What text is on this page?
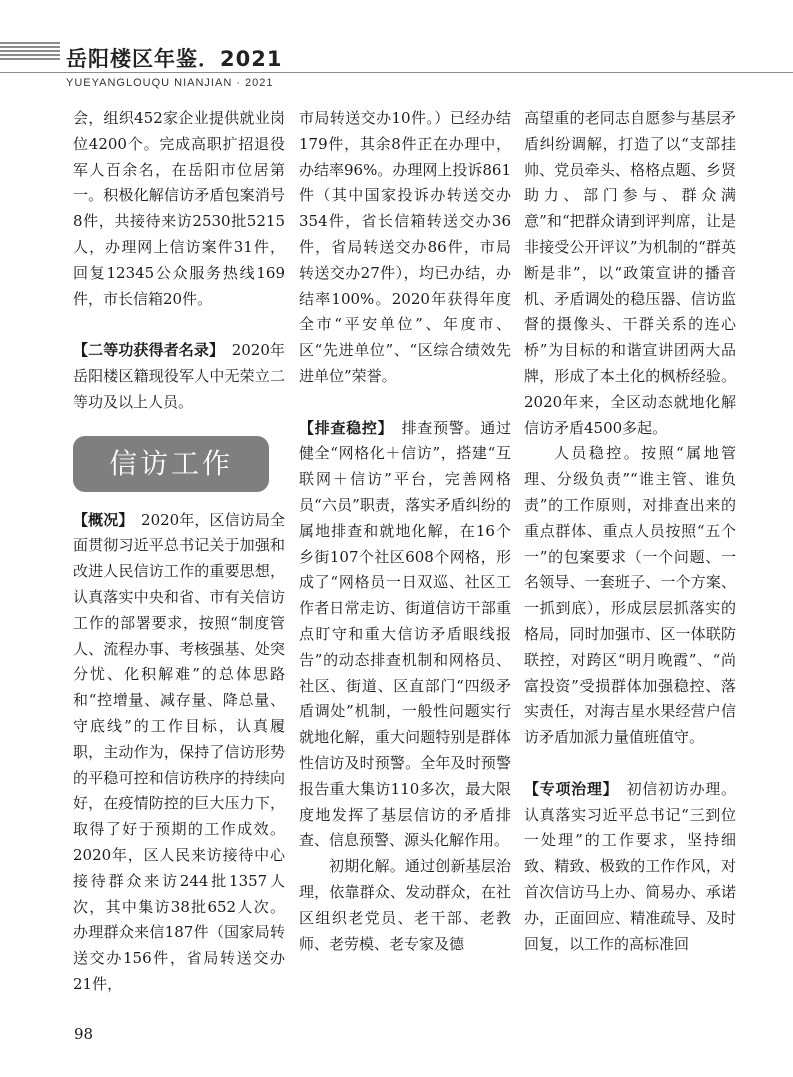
岳阳楼区年鉴．2021
YUEYANGLOUQU NIANJIAN · 2021

会，组织452家企业提供就业岗位4200个。完成高职扩招退役军人百余名，在岳阳市位居第一。积极化解信访矛盾包案消号8件，共接待来访2530批5215人，办理网上信访案件31件，回复12345公众服务热线169件，市长信箱20件。

【二等功获得者名录】　 2020年岳阳楼区籍现役军人中无荣立二等功及以上人员。

信访工作

【概况】　 2020年，区信访局全面贯彻习近平总书记关于加强和改进人民信访工作的重要思想，认真落实中央和省、市有关信访工作的部署要求，按照“制度管人、流程办事、考核强基、处突分忧、化积解难”的总体思路和“控增量、减存量、降总量、守底线”的工作目标，认真履职，主动作为，保持了信访形势的平稳可控和信访秩序的持续向好，在疫情防控的巨大压力下，取得了好于预期的工作成效。2020年，区人民来访接待中心接待群众来访244批1357人次，其中集访38批652人次。办理群众来信187件（国家局转送交办156件，省局转送交办21件，

市局转送交办10件。）已经办结179件，其余8件正在办理中，办结率96%。办理网上投诉861件（其中国家投诉办转送交办354件，省长信箱转送交办36件，省局转送交办86件，市局转送交办27件），均已办结，办结率100%。2020年获得年度全市“平安单位”、年度市、区“先进单位”、“区综合绩效先进单位”荣誉。

【排查稳控】　 排查预警。通过健全“网格化＋信访”，搭建“互联网＋信访”平台，完善网格员“六员”职责，落实矛盾纠纷的属地排查和就地化解，在16个乡街107个社区608个网格，形成了“网格员一日双巡、社区工作者日常走访、街道信访干部重点盯守和重大信访矛盾眼线报告”的动态排查机制和网格员、社区、街道、区直部门“四级矛盾调处”机制，一般性问题实行就地化解，重大问题特别是群体性信访及时预警。全年及时预警报告重大集访110多次，最大限度地发挥了基层信访的矛盾排查、信息预警、源头化解作用。

初期化解。通过创新基层治理，依靠群众、发动群众，在社区组织老党员、老干部、老教师、老劳模、老专家及德

高望重的老同志自愿参与基层矛盾纠纷调解，打造了以“支部挂帅、党员牵头、格格点题、乡贤助力、部门参与、群众满意”和“把群众请到评判席，让是非接受公开评议”为机制的“群英断是非”，以“政策宣讲的播音机、矛盾调处的稳压器、信访监督的摄像头、干群关系的连心桥”为目标的和谐宣讲团两大品牌，形成了本土化的枫桥经验。2020年来，全区动态就地化解信访矛盾4500多起。

人员稳控。按照“属地管理、分级负责”“谁主管、谁负责”的工作原则，对排查出来的重点群体、重点人员按照“五个一”的包案要求（一个问题、一名领导、一套班子、一个方案、一抓到底），形成层层抓落实的格局，同时加强市、区一体联防联控，对跨区“明月晚霞”、“尚富投资”受损群体加强稳控、落实责任，对海吉星水果经营户信访矛盾加派力量值班值守。

【专项治理】　 初信初访办理。认真落实习近平总书记“三到位一处理”的工作要求，坚持细致、精致、极致的工作作风，对首次信访马上办、简易办、承诺办，正面回应、精准疏导、及时回复，以工作的高标准回

98
